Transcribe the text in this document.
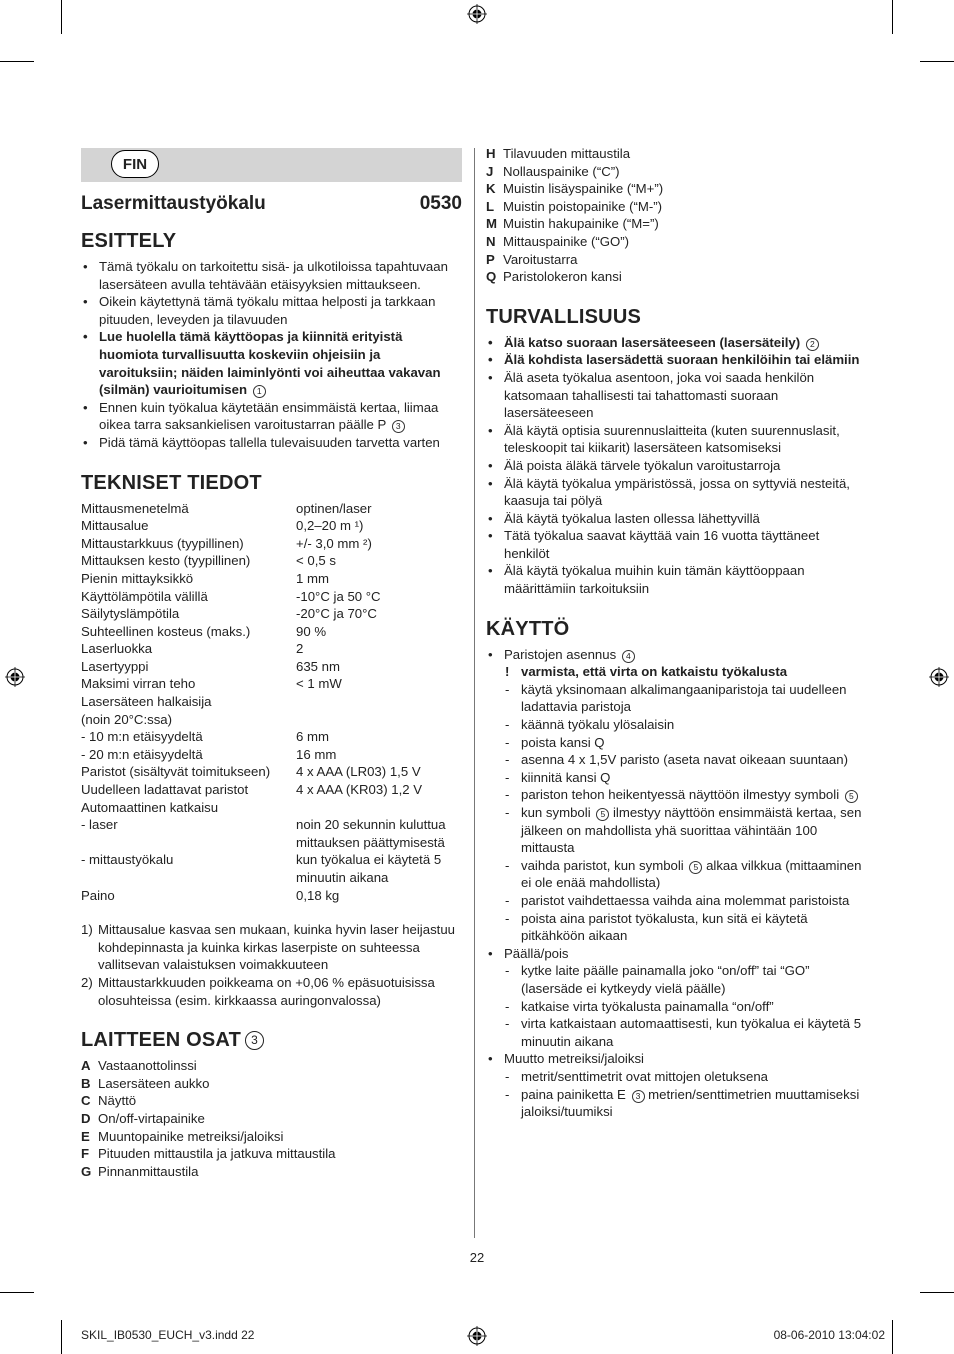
FIN
Lasermittaustyökalu	0530
ESITTELY
• Tämä työkalu on tarkoitettu sisä- ja ulkotiloissa tapahtuvaan lasersäteen avulla tehtävään etäisyyksien mittaukseen.
• Oikein käytettynä tämä työkalu mittaa helposti ja tarkkaan pituuden, leveyden ja tilavuuden
• Lue huolella tämä käyttöopas ja kiinnitä erityistä huomiota turvallisuutta koskeviin ohjeisiin ja varoituksiin; näiden laiminlyönti voi aiheuttaa vakavan (silmän) vaurioitumisen 1
• Ennen kuin työkalua käytetään ensimmäistä kertaa, liimaa oikea tarra saksankielisen varoitustarran päälle P 3
• Pidä tämä käyttöopas tallella tulevaisuuden tarvetta varten
TEKNISET TIEDOT
Mittausmenetelmä	optinen/laser
Mittausalue	0,2–20 m ¹)
Mittaustarkkuus (tyypillinen)	+/- 3,0 mm ²)
Mittauksen kesto (tyypillinen)	< 0,5 s
Pienin mittayksikkö	1 mm
Käyttölämpötila välillä	-10°C ja 50 °C
Säilytyslämpötila	-20°C ja 70°C
Suhteellinen kosteus (maks.)	90 %
Laserluokka	2
Lasertyyppi	635 nm
Maksimi virran teho	< 1 mW
Lasersäteen halkaisija
(noin 20°C:ssa)
- 10 m:n etäisyydeltä	6 mm
- 20 m:n etäisyydeltä	16 mm
Paristot (sisältyvät toimitukseen)	4 x AAA (LR03) 1,5 V
Uudelleen ladattavat paristot	4 x AAA (KR03) 1,2 V
Automaattinen katkaisu
- laser	noin 20 sekunnin kuluttua mittauksen päättymisestä
- mittaustyökalu	kun työkalua ei käytetä 5 minuutin aikana
Paino	0,18 kg
1) Mittausalue kasvaa sen mukaan, kuinka hyvin laser heijastuu kohdepinnasta ja kuinka kirkas laserpiste on suhteessa vallitsevan valaistuksen voimakkuuteen
2) Mittaustarkkuuden poikkeama on +0,06 % epäsuotuisissa olosuhteissa (esim. kirkkaassa auringonvalossa)
LAITTEEN OSAT 3
A Vastaanottolinssi
B Lasersäteen aukko
C Näyttö
D On/off-virtapainike
E Muuntopainike metreiksi/jaloiksi
F Pituuden mittaustila ja jatkuva mittaustila
G Pinnanmittaustila
H Tilavuuden mittaustila
J Nollauspainike (“C”)
K Muistin lisäyspainike (“M+”)
L Muistin poistopainike (“M-”)
M Muistin hakupainike (“M=”)
N Mittauspainike (“GO”)
P Varoitustarra
Q Paristolokeron kansi
TURVALLISUUS
• Älä katso suoraan lasersäteeseen (lasersäteily) 2
• Älä kohdista lasersädettä suoraan henkilöihin tai elämiin
• Älä aseta työkalua asentoon, joka voi saada henkilön katsomaan tahallisesti tai tahattomasti suoraan lasersäteeseen
• Älä käytä optisia suurennuslaitteita (kuten suurennuslasit, teleskoopit tai kiikarit) lasersäteen katsomiseksi
• Älä poista äläkä tärvele työkalun varoitustarroja
• Älä käytä työkalua ympäristössä, jossa on syttyviä nesteitä, kaasuja tai pölyä
• Älä käytä työkalua lasten ollessa lähettyvillä
• Tätä työkalua saavat käyttää vain 16 vuotta täyttäneet henkilöt
• Älä käytä työkalua muihin kuin tämän käyttöoppaan määrittämiin tarkoituksiin
KÄYTTÖ
• Paristojen asennus 4
! varmista, että virta on katkaistu työkalusta
- käytä yksinomaan alkalimangaaniparistoja tai uudelleen ladattavia paristoja
- käännä työkalu ylösalaisin
- poista kansi Q
- asenna 4 x 1,5V paristo (aseta navat oikeaan suuntaan)
- kiinnitä kansi Q
- pariston tehon heikentyessä näyttöön ilmestyy symboli 5
- kun symboli 5 ilmestyy näyttöön ensimmäistä kertaa, sen jälkeen on mahdollista yhä suorittaa vähintään 100 mittausta
- vaihda paristot, kun symboli 5 alkaa vilkkua (mittaaminen ei ole enää mahdollista)
- paristot vaihdettaessa vaihda aina molemmat paristoista
- poista aina paristot työkalusta, kun sitä ei käytetä pitkähköön aikaan
• Päällä/pois
- kytke laite päälle painamalla joko “on/off” tai “GO” (lasersäde ei kytkeydy vielä päälle)
- katkaise virta työkalusta painamalla “on/off”
- virta katkaistaan automaattisesti, kun työkalua ei käytetä 5 minuutin aikana
• Muutto metreiksi/jaloiksi
- metrit/senttimetrit ovat mittojen oletuksena
- paina painiketta E 3 metrien/senttimetrien muuttamiseksi jaloiksi/tuumiksi
22
SKIL_IB0530_EUCH_v3.indd 22	08-06-2010 13:04:02
